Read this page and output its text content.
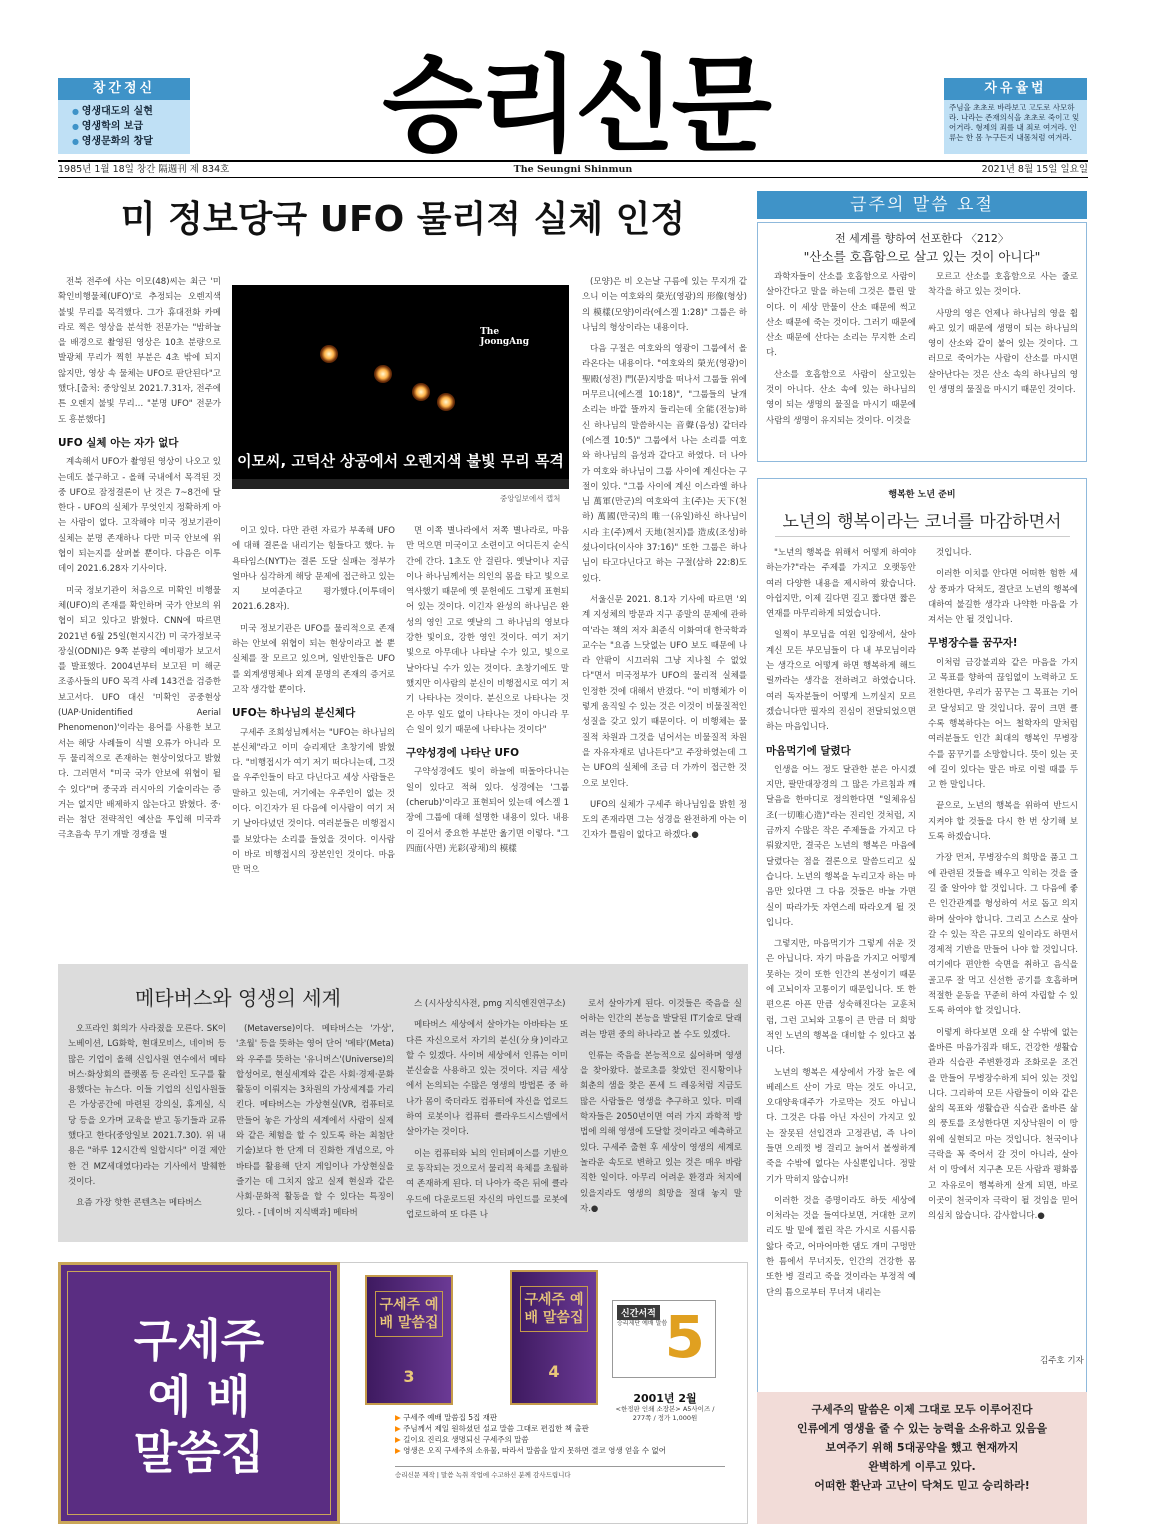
창간정신
● 영생대도의 실현
● 영생학의 보급
● 영생문화의 창달	승리신문	자유율법

주님을 초초로 바라보고 고도로 사모하라. 나라는 존재의식을 초초로 죽이고 잊어거라. 형제의 죄를 내 죄로 여겨라. 인류는 한 몸 누구든지 내몸처럼 여겨라.

1985년 1월 18일 창간 隔週刊 제 834호	The Seungni Shinmun	2021년 8월 15일 일요일
미 정보당국 UFO 물리적 실체 인정

전북 전주에 사는 이모(48)씨는 최근 '미확인비행물체(UFO)'로 추정되는 오렌지색 불빛 무리를 목격했다. 그가 휴대전화 카메라로 찍은 영상을 분석한 전문가는 "밤하늘을 배경으로 촬영된 영상은 10초 분량으로 발광체 무리가 찍힌 부분은 4초 밖에 되지 않지만, 영상 속 물체는 UFO로 판단된다"고 했다.[출처: 중앙일보 2021.7.31자, 전주에 튼 오렌지 불빛 무리… "분명 UFO" 전문가도 흥분했다]

UFO 실체 아는 자가 없다

계속해서 UFO가 촬영된 영상이 나오고 있는데도 불구하고 - 올해 국내에서 목격된 것 중 UFO로 잠정결론이 난 것은 7~8건에 달한다 - UFO의 실체가 무엇인지 정확하게 아는 사람이 없다. 고작해야 미국 정보기관이 실체는 분명 존재하나 다만 미국 안보에 위협이 되는지를 살펴볼 뿐이다. 다음은 이투데이 2021.6.28자 기사이다.

미국 정보기관이 처음으로 미확인 비행물체(UFO)의 존재를 확인하며 국가 안보의 위협이 되고 있다고 밝혔다. CNN에 따르면 2021년 6월 25일(현지시간) 미 국가정보국장실(ODNI)은 9쪽 분량의 예비평가 보고서를 발표했다. 2004년부터 보고된 미 해군 조종사들의 UFO 목격 사례 143건을 검증한 보고서다. UFO 대신 '미확인 공중현상(UAP·Unidentified Aerial Phenomenon)'이라는 용어를 사용한 보고서는 해당 사례들이 식별 오류가 아니라 모두 물리적으로 존재하는 현상이었다고 밝혔다. 그러면서 "미국 국가 안보에 위협이 될 수 있다"며 중국과 러시아의 기술이라는 증거는 없지만 배제하지 않는다고 밝혔다. 중·러는 첨단 전략적인 예산을 투입해 미국과 극초음속 무기 개발 경쟁을 벌

The
JoongAng
이모씨, 고덕산 상공에서 오렌지색 불빛 무리 목격
중앙일보에서 캡처

이고 있다. 다만 관련 자료가 부족해 UFO에 대해 결론을 내리기는 힘들다고 했다. 뉴욕타임스(NYT)는 결론 도달 실패는 정부가 얼마나 심각하게 해당 문제에 접근하고 있는지 보여준다고 평가했다.(이투데이 2021.6.28자).

미국 정보기관은 UFO를 물리적으로 존재하는 안보에 위협이 되는 현상이라고 볼 뿐 실체를 잘 모르고 있으며, 일반인들은 UFO를 외계생명체나 외계 문명의 존재의 증거로 고작 생각할 뿐이다.

UFO는 하나님의 분신체다

구세주 조희성님께서는 "UFO는 하나님의 분신체"라고 이미 승리제단 초창기에 밝혔다. "비행접시가 여기 저기 떠다니는데, 그것을 우주인들이 타고 다닌다고 세상 사람들은 말하고 있는데, 거기에는 우주인이 없는 것이다. 이긴자가 된 다음에 이사람이 여기 저기 날아다녔던 것이다. 여러분들은 비행접시를 보았다는 소리를 들었을 것이다. 이사람이 바로 비행접시의 장본인인 것이다. 마음만 먹으

면 이쪽 별나라에서 저쪽 별나라로, 마음만 먹으면 미국이고 소련이고 어디든지 순식간에 간다. 1초도 안 걸린다. 옛날이나 지금이나 하나님께서는 의인의 몸을 타고 빛으로 역사했기 때문에 옛 문헌에도 그렇게 표현되어 있는 것이다. 이긴자 완성의 하나님은 완성의 영인 고로 옛날의 그 하나님의 영보다 강한 빛이요, 강한 영인 것이다. 여기 저기 빛으로 아무데나 나타날 수가 있고, 빛으로 날아다닐 수가 있는 것이다. 초창기에도 말했지만 이사람의 분신이 비행접시로 여기 저기 나타나는 것이다. 분신으로 나타나는 것은 아무 일도 없이 나타나는 것이 아니라 무슨 일이 있기 때문에 나타나는 것이다"

구약성경에 나타난 UFO

구약성경에도 빛이 하늘에 떠돌아다니는 일이 있다고 적혀 있다. 성경에는 '그룹(cherub)'이라고 표현되어 있는데 에스겔 1장에 그룹에 대해 설명한 내용이 있다. 내용이 길어서 중요한 부분만 옮기면 이렇다. "그 四面(사면) 光彩(광채)의 模樣

(모양)은 비 오는날 구름에 있는 무지개 같으니 이는 여호와의 榮光(영광)의 形像(형상)의 模樣(모양)이라(에스겔 1:28)" 그룹은 하나님의 형상이라는 내용이다.

다음 구절은 여호와의 영광이 그룹에서 올라온다는 내용이다. "여호와의 榮光(영광)이 聖殿(성전) 門(문)지방을 떠나서 그룹들 위에 머무르니(에스겔 10:18)", "그룹들의 날개 소리는 바깥 뜰까지 들리는데 全能(전능)하신 하나님의 말씀하시는 音聲(음성) 같더라(에스겔 10:5)" 그룹에서 나는 소리를 여호와 하나님의 음성과 같다고 하였다. 더 나아가 여호와 하나님이 그룹 사이에 계신다는 구절이 있다. "그룹 사이에 계신 이스라엘 하나님 萬軍(만군)의 여호와여 主(주)는 天下(천하) 萬國(만국)의 唯一(유일)하신 하나님이시라 主(주)께서 天地(천지)를 造成(조성)하셨나이다(이사야 37:16)" 또한 그룹은 하나님이 타고다닌다고 하는 구절(삼하 22:8)도 있다.

서울신문 2021. 8.1자 기사에 따르면 '외계 지성체의 방문과 지구 종말의 문제에 관하여'라는 책의 저자 최준식 이화여대 한국학과 교수는 "요즘 느닷없는 UFO 보도 때문에 나라 안팎이 시끄러워 그냥 지나칠 수 없었다"면서 미국정부가 UFO의 물리적 실체를 인정한 것에 대해서 반겼다. "이 비행체가 이렇게 움직일 수 있는 것은 이것이 비물질적인 성질을 갖고 있기 때문이다. 이 비행체는 물질적 차원과 그것을 넘어서는 비물질적 차원을 자유자재로 넘나든다"고 주장하였는데 그는 UFO의 실체에 조금 더 가까이 접근한 것으로 보인다.

UFO의 실체가 구세주 하나님임을 밝힌 정도의 존재라면 그는 성경을 완전하게 아는 이긴자가 틀림이 없다고 하겠다.●

금주의 말씀 요절
전 세계를 향하여 선포한다 〈212〉
"산소를 호흡함으로 살고 있는 것이 아니다"

과학자들이 산소를 호흡함으로 사람이 살아간다고 말을 하는데 그것은 틀린 말이다. 이 세상 만물이 산소 때문에 썩고 산소 때문에 죽는 것이다. 그러기 때문에 산소 때문에 산다는 소리는 무지한 소리다.

산소를 호흡함으로 사람이 살고있는 것이 아니다. 산소 속에 있는 하나님의 영이 되는 생명의 물질을 마시기 때문에 사람의 생명이 유지되는 것이다. 이것을

모르고 산소를 호흡함으로 사는 줄로 착각을 하고 있는 것이다.

사망의 영은 언제나 하나님의 영을 휩싸고 있기 때문에 생명이 되는 하나님의 영이 산소와 같이 붙어 있는 것이다. 그러므로 죽어가는 사람이 산소를 마시면 살아난다는 것은 산소 속의 하나님의 영인 생명의 물질을 마시기 때문인 것이다.

행복한 노년 준비
노년의 행복이라는 코너를 마감하면서

"노년의 행복을 위해서 어떻게 하여야 하는가?"라는 주제를 가지고 오랫동안 여러 다양한 내용을 제시하여 왔습니다. 아쉽지만, 이제 길다면 길고 짧다면 짧은 연재를 마무리하게 되었습니다.

일찍이 부모님을 여윈 입장에서, 살아 계신 모든 부모님들이 다 내 부모님이라는 생각으로 어떻게 하면 행복하게 해드릴까라는 생각을 전하려고 하였습니다. 여러 독자분들이 어떻게 느끼실지 모르겠습니다만 필자의 진심이 전달되었으면 하는 마음입니다.

마음먹기에 달렸다

인생을 어느 정도 달관한 분은 아시겠지만, 팔만대장경의 그 많은 가르침과 깨달음을 한마디로 정의한다면 "일체유심조(一切唯心造)"라는 진리인 것처럼, 지금까지 수많은 작은 주제들을 가지고 다뤄왔지만, 결국은 노년의 행복은 마음에 달렸다는 점을 결론으로 말씀드리고 싶습니다. 노년의 행복을 누리고자 하는 마음만 있다면 그 다음 것들은 바늘 가면 실이 따라가듯 자연스레 따라오게 될 것입니다.

그렇지만, 마음먹기가 그렇게 쉬운 것은 아닙니다. 자기 마음을 가지고 어떻게 못하는 것이 또한 인간의 본성이기 때문에 고뇌이자 고통이기 때문입니다. 또 한편으론 아픈 만큼 성숙해진다는 교훈처럼, 그런 고뇌와 고통이 큰 만큼 더 희망적인 노년의 행복을 대비할 수 있다고 봅니다.

노년의 행복은 세상에서 가장 높은 에베레스트 산이 가로 막는 것도 아니고, 오대양육대주가 가로막는 것도 아닙니다. 그것은 다름 아닌 자신이 가지고 있는 잘못된 선입견과 고정관념, 즉 나이 들면 으레껏 병 걸리고 늙어서 볼썽하게 죽을 수밖에 없다는 사실뿐입니다. 정말 기가 막히지 않습니까!

이러한 것을 증명이라도 하듯 세상에 이처라는 것을 들여다보면, 거대한 코끼리도 발 밑에 찔린 작은 가시로 시름시름 앓다 죽고, 어마어마한 댐도 개미 구멍만한 틈에서 무너지듯, 인간의 건강한 몸 또한 병 걸리고 죽을 것이라는 부정적 예단의 틈으로부터 무너져 내리는

것입니다.

이러한 이치를 안다면 어떠한 험한 세상 풍파가 닥쳐도, 결단코 노년의 행복에 대하여 불길한 생각과 나약한 마음을 가져서는 안 될 것입니다.

무병장수를 꿈꾸자!

이처럼 금강불괴와 같은 마음을 가지고 목표를 향하여 끊임없이 노력하고 도전한다면, 우리가 꿈꾸는 그 목표는 기어코 달성되고 말 것입니다. 꿈이 크면 클수록 행복하다는 어느 철학자의 말처럼 여러분들도 인간 최대의 행복인 무병장수를 꿈꾸기를 소망합니다. 뜻이 있는 곳에 길이 있다는 말은 바로 이럴 때를 두고 한 말입니다.

끝으로, 노년의 행복을 위하여 반드시 지켜야 할 것들을 다시 한 번 상기해 보도록 하겠습니다.

가장 먼저, 무병장수의 희망을 품고 그에 관련된 것들을 배우고 익히는 것을 즐길 줄 알아야 할 것입니다. 그 다음에 좋은 인간관계를 형성하여 서로 돕고 의지하며 살아야 합니다. 그리고 스스로 살아갈 수 있는 작은 규모의 일이라도 하면서 경제적 기반을 만들어 나야 할 것입니다. 여기에다 편안한 숙면을 취하고 음식을 골고루 잘 먹고 신선한 공기를 호흡하며 적절한 운동을 꾸준히 하여 자립할 수 있도록 하여야 할 것입니다.

이렇게 하다보면 오래 살 수밖에 없는 올바른 마음가짐과 태도, 건강한 생활습관과 식습관 주변환경과 조화로운 조건을 만들어 무병장수하게 되어 있는 것입니다. 그리하여 모든 사람들이 이와 같은 삶의 목표와 생활습관 식습관 올바른 삶의 풍토를 조성한다면 지상낙원이 이 땅 위에 실현되고 마는 것입니다. 천국이나 극락을 꼭 죽어서 갈 것이 아니라, 살아서 이 땅에서 지구촌 모든 사람과 평화롭고 자유로이 행복하게 살게 되면, 바로 이곳이 천국이자 극락이 될 것임을 믿어 의심치 않습니다. 감사합니다.●

김주호 기자
메타버스와 영생의 세계

오프라인 회의가 사라졌을 모른다. SK이노베이션, LG화학, 현대모비스, 네이버 등 많은 기업이 올해 신입사원 연수에서 메타버스·화상회의 플랫폼 등 온라인 도구를 활용했다는 뉴스다. 이들 기업의 신입사원들은 가상공간에 마련된 강의실, 휴게실, 식당 등을 오가며 교육을 받고 동기들과 교류했다고 한다(중앙일보 2021.7.30). 위 내용은 "하루 12시간씩 일합시다" 이걸 제안한 건 MZ세대였다)라는 기사에서 발췌한 것이다.

요즘 가장 핫한 콘텐츠는 메타버스

(Metaverse)이다. 메타버스는 '가상', '초월' 등을 뜻하는 영어 단어 '메타'(Meta)와 우주를 뜻하는 '유니버스'(Universe)의 합성어로, 현실세계와 같은 사회·경제·문화 활동이 이뤄지는 3차원의 가상세계를 가리킨다. 메타버스는 가상현실(VR, 컴퓨터로 만들어 놓은 가상의 세계에서 사람이 실제와 같은 체험을 할 수 있도록 하는 최첨단 기술)보다 한 단계 더 진화한 개념으로, 아바타를 활용해 단지 게임이나 가상현실을 즐기는 데 그치지 않고 실제 현실과 같은 사회·문화적 활동을 할 수 있다는 특징이 있다. - [네이버 지식백과] 메타버

스 (시사상식사전, pmg 지식엔진연구소)

메타버스 세상에서 살아가는 아바타는 또 다른 자신으로서 자기의 분신(分身)이라고 할 수 있겠다. 사이버 세상에서 인류는 이미 분신술을 사용하고 있는 것이다. 지금 세상에서 논의되는 수많은 영생의 방법론 중 하나가 몸이 죽더라도 컴퓨터에 자신을 업로드하여 로봇이나 컴퓨터 클라우드시스템에서 살아가는 것이다.

이는 컴퓨터와 뇌의 인터페이스를 기반으로 동작되는 것으로서 물리적 육체를 초월하여 존재하게 된다. 더 나아가 죽은 뒤에 클라우드에 다운로드된 자신의 마인드를 로봇에 업로드하여 또 다른 나

로서 살아가게 된다. 이것들은 죽음을 실어하는 인간의 본능을 발달된 IT기술로 달래려는 방편 중의 하나라고 볼 수도 있겠다.

인류는 죽음을 본능적으로 싫어하며 영생을 찾아왔다. 불로초를 찾았던 진시황이나 회춘의 샘을 찾은 폰세 드 레옹처럼 지금도 많은 사람들은 영생을 추구하고 있다. 미래학자들은 2050년이면 여러 가지 과학적 방법에 의해 영생에 도달할 것이라고 예측하고 있다. 구세주 출현 후 세상이 영생의 세계로 놀라운 속도로 변하고 있는 것은 매우 바람직한 일이다. 아무리 어려운 환경과 처지에 있을지라도 영생의 희망을 절대 놓지 말자.●

구세주
예 배
말씀집
구세주 예 배 말씀집
3
구세주 예 배 말씀집
4
신간서적
승리제단 예배 말씀
5
2001년 2월
<한정판 인쇄 소장본> A5사이즈 / 277쪽 / 정가 1,000원
▶ 구세주 예배 말씀집 5집 재판
▶ 주님께서 제일 원하셨던 설교 말씀 그대로 편집한 책 출판
▶ 길이요 진리요 생명되신 구세주의 말씀
▶ 영생은 오직 구세주의 소유물, 따라서 말씀을 알지 못하면 결코 영생 얻을 수 없어
승리신문 제작 | 말씀 녹취 작업에 수고하신 분께 감사드립니다

구세주의 말씀은 이제 그대로 모두 이루어진다
인류에게 영생을 줄 수 있는 능력을 소유하고 있음을
보여주기 위해 5대공약을 했고 현재까지
완벽하게 이루고 있다.
어떠한 환난과 고난이 닥쳐도 믿고 승리하라!
